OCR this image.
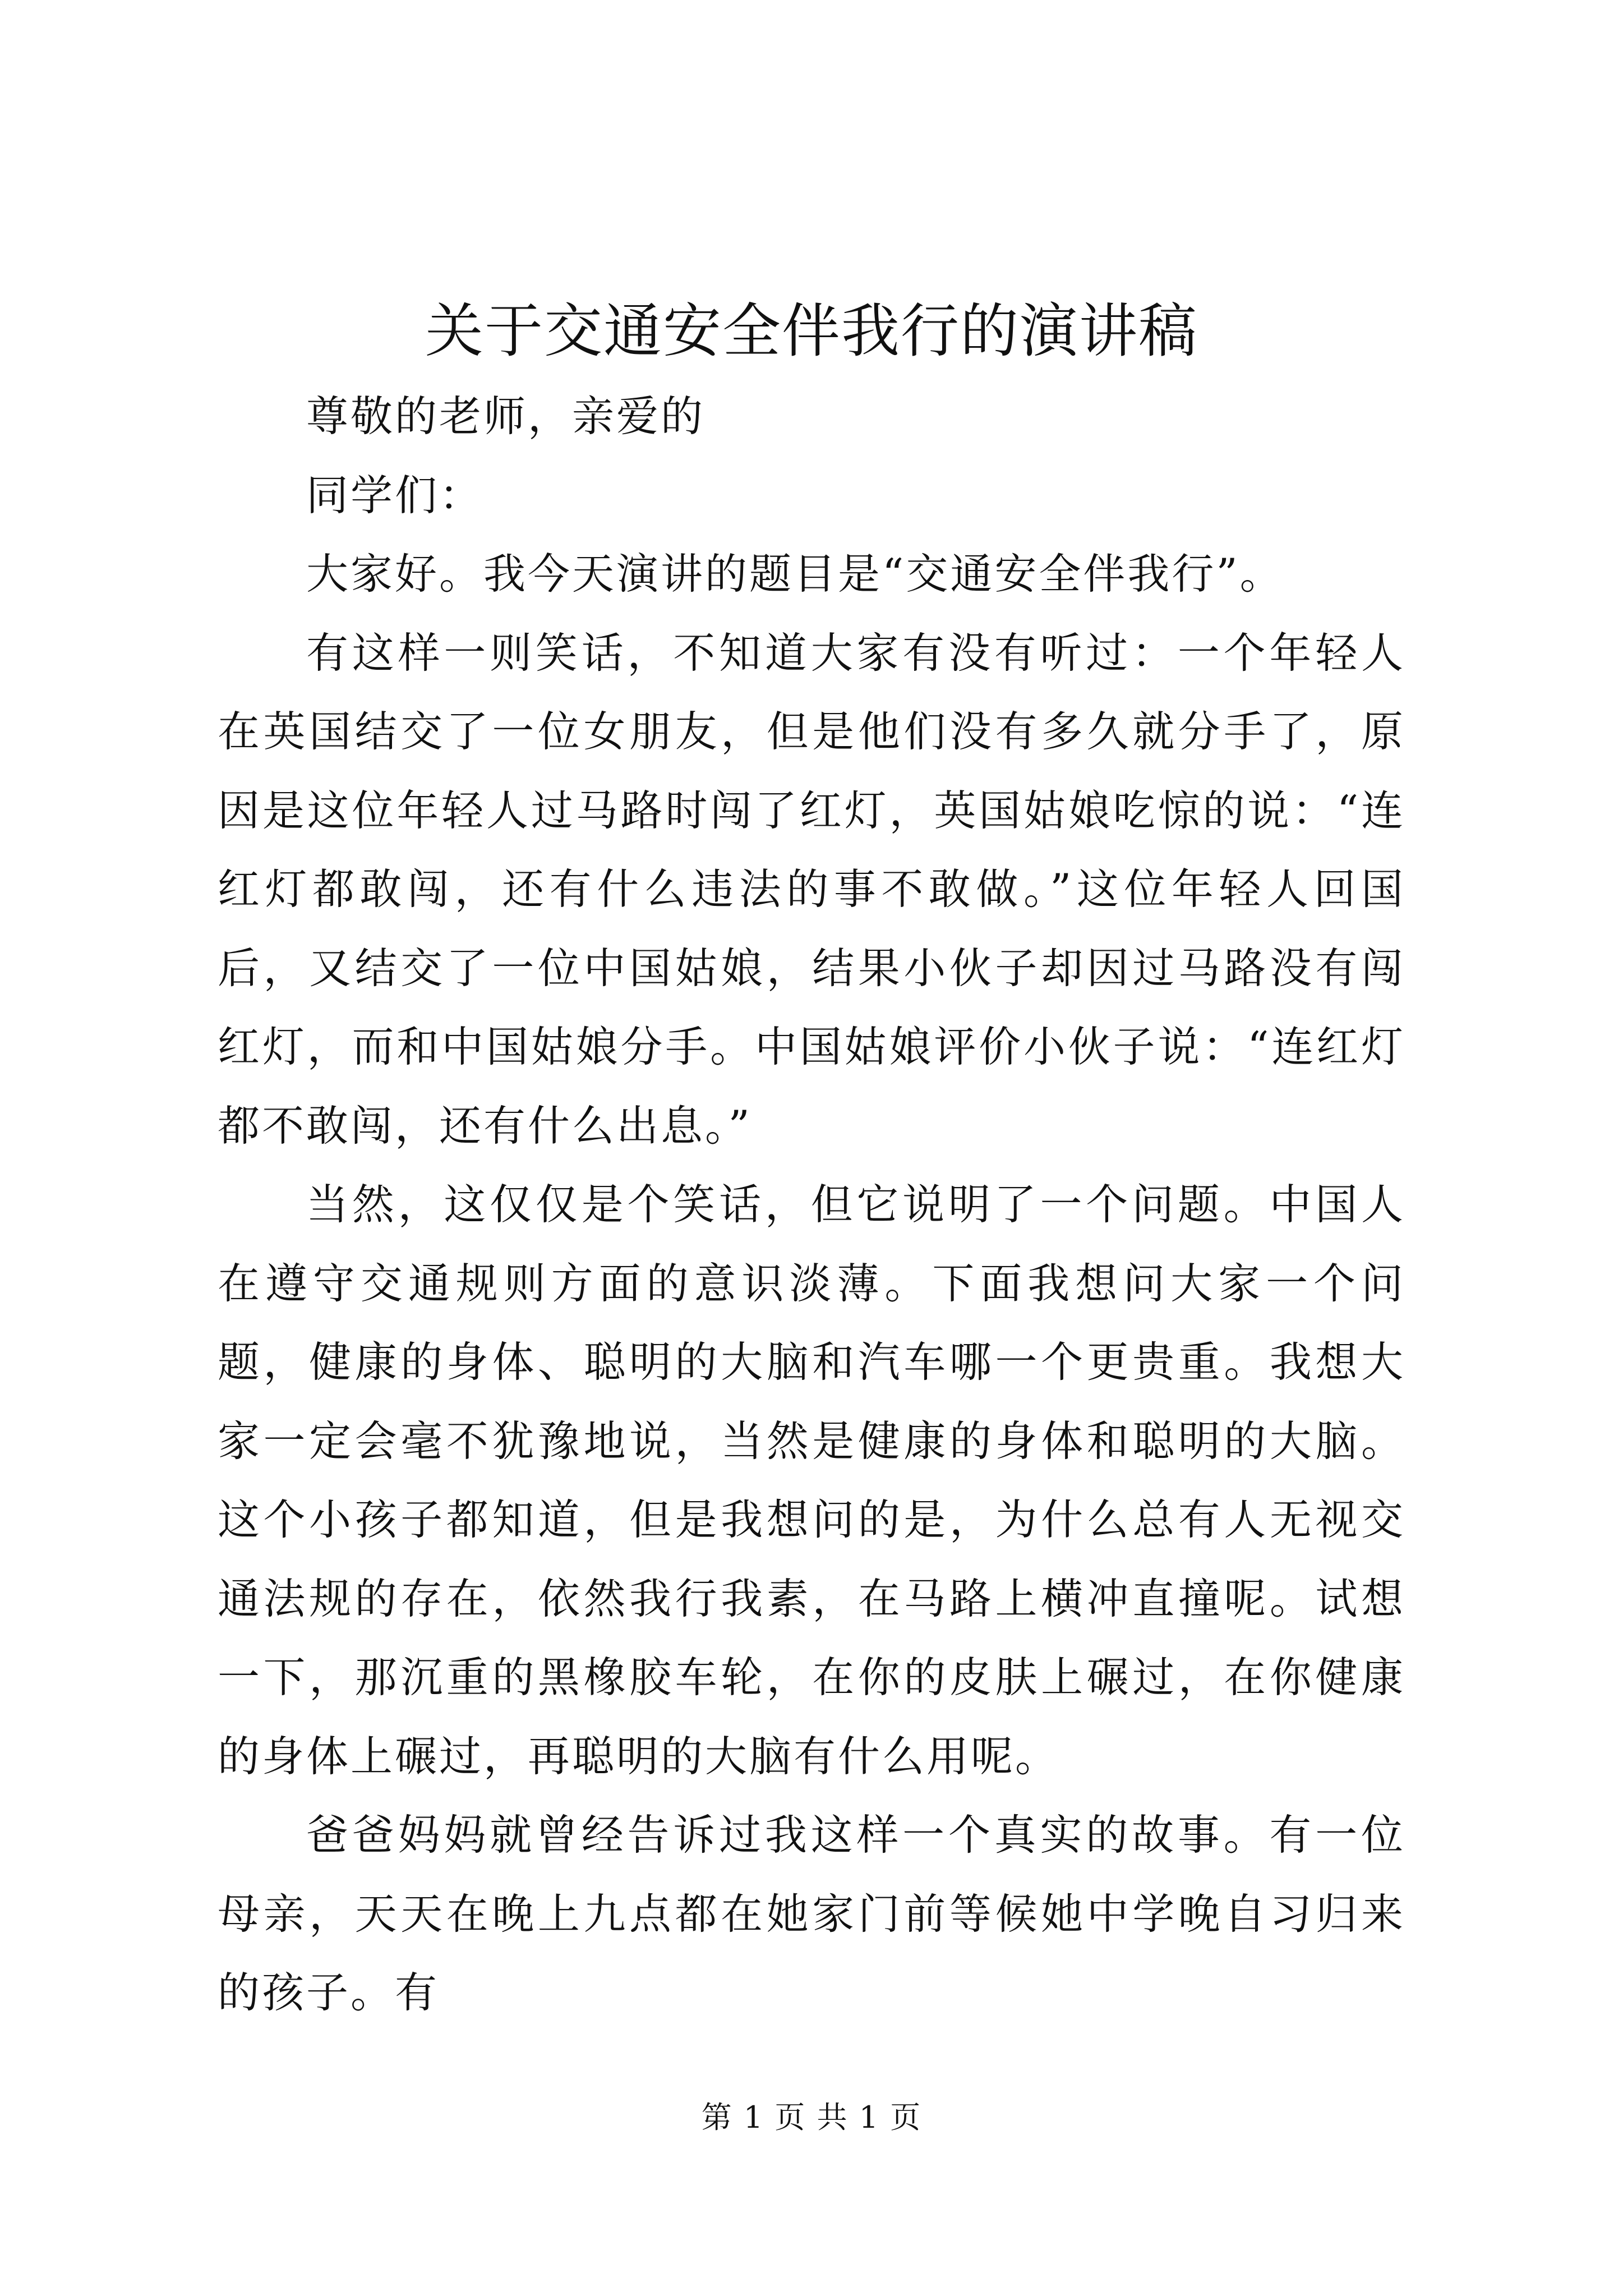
关于交通安全伴我行的演讲稿

尊敬的老师，亲爱的

同学们：

大家好。我今天演讲的题目是“交通安全伴我行”。

有这样一则笑话，不知道大家有没有听过：一个年轻人在英国结交了一位女朋友，但是他们没有多久就分手了，原因是这位年轻人过马路时闯了红灯，英国姑娘吃惊的说：“连红灯都敢闯，还有什么违法的事不敢做。”这位年轻人回国后，又结交了一位中国姑娘，结果小伙子却因过马路没有闯红灯，而和中国姑娘分手。中国姑娘评价小伙子说：“连红灯都不敢闯，还有什么出息。”

当然，这仅仅是个笑话，但它说明了一个问题。中国人在遵守交通规则方面的意识淡薄。下面我想问大家一个问题，健康的身体、聪明的大脑和汽车哪一个更贵重。我想大家一定会毫不犹豫地说，当然是健康的身体和聪明的大脑。这个小孩子都知道，但是我想问的是，为什么总有人无视交通法规的存在，依然我行我素，在马路上横冲直撞呢。试想一下，那沉重的黑橡胶车轮，在你的皮肤上碾过，在你健康的身体上碾过，再聪明的大脑有什么用呢。

爸爸妈妈就曾经告诉过我这样一个真实的故事。有一位母亲，天天在晚上九点都在她家门前等候她中学晚自习归来的孩子。有

第 1 页 共 1 页
